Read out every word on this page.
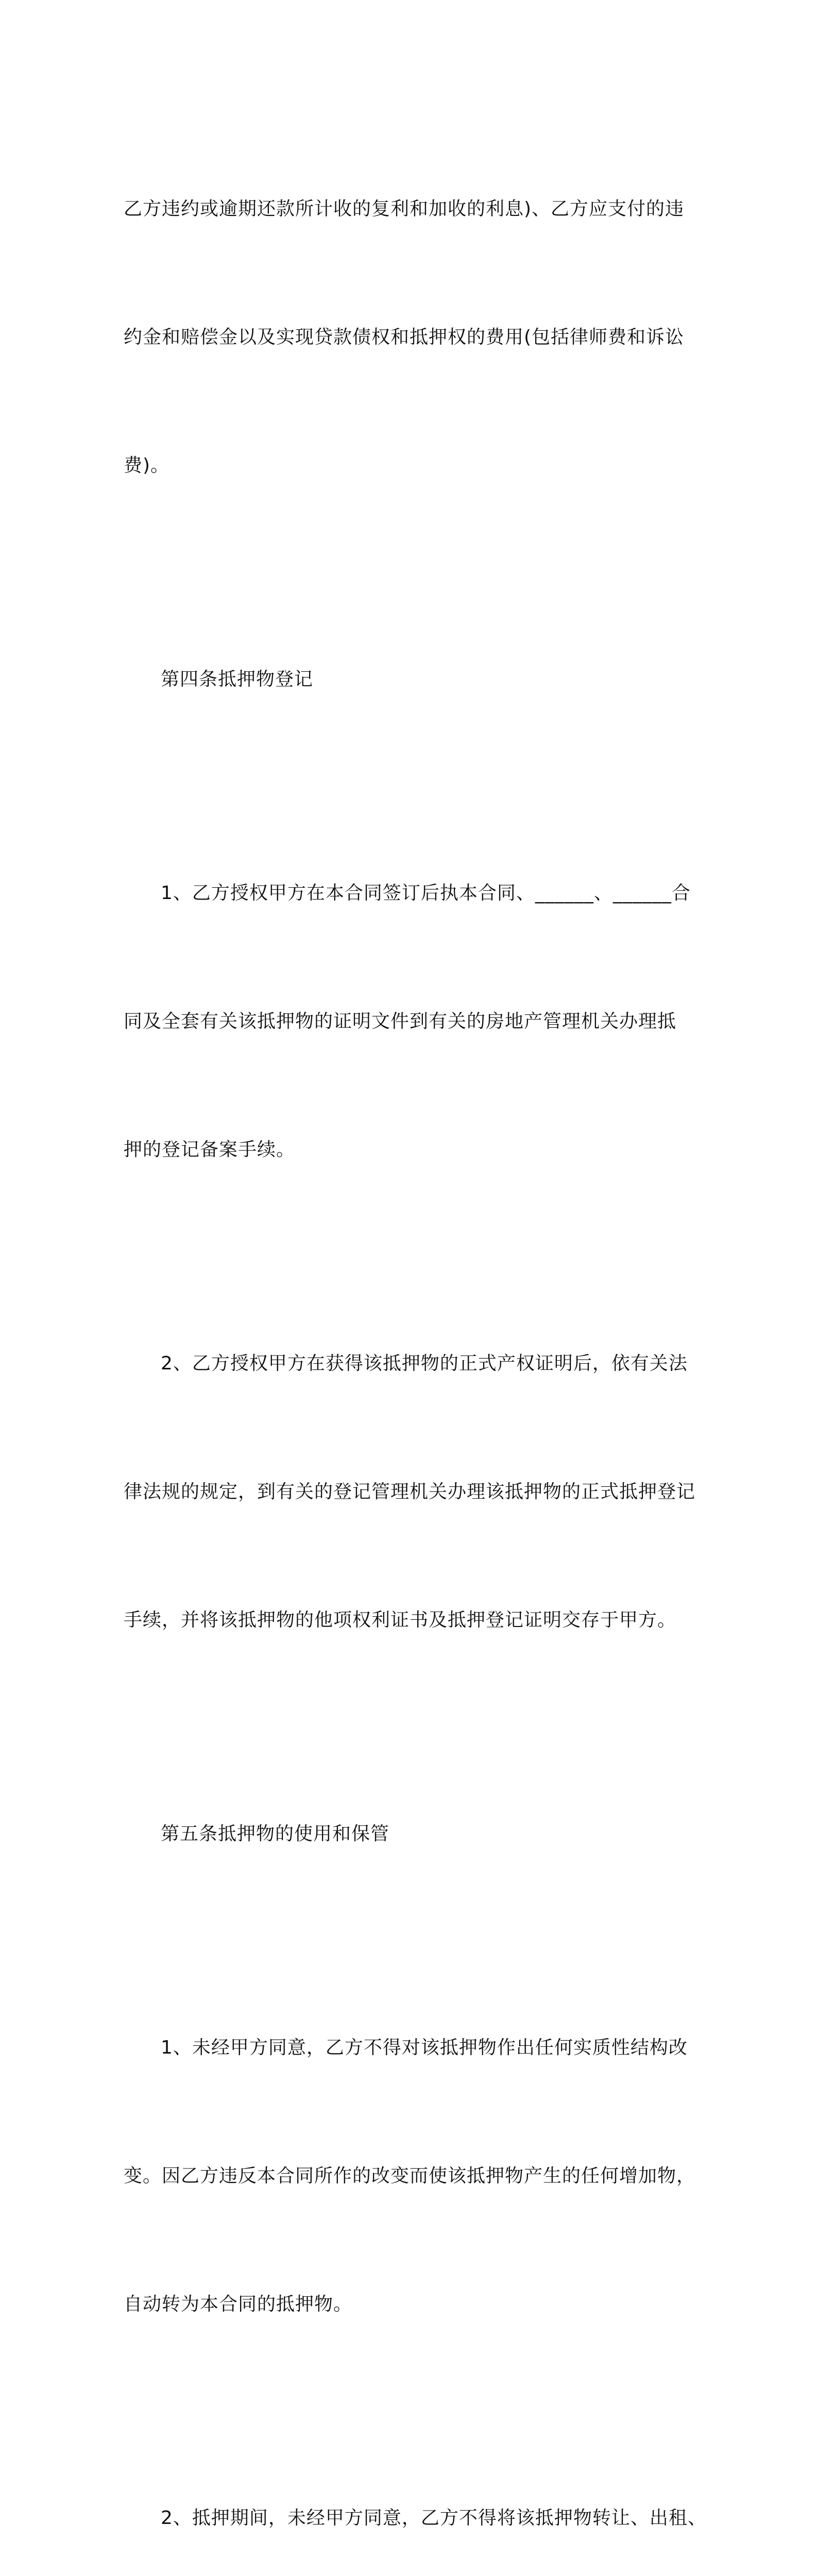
乙方违约或逾期还款所计收的复利和加收的利息)、乙方应支付的违

约金和赔偿金以及实现贷款债权和抵押权的费用(包括律师费和诉讼

费)。

第四条抵押物登记

1、乙方授权甲方在本合同签订后执本合同、______、______合

同及全套有关该抵押物的证明文件到有关的房地产管理机关办理抵

押的登记备案手续。

2、乙方授权甲方在获得该抵押物的正式产权证明后，依有关法

律法规的规定，到有关的登记管理机关办理该抵押物的正式抵押登记

手续，并将该抵押物的他项权利证书及抵押登记证明交存于甲方。

第五条抵押物的使用和保管

1、未经甲方同意，乙方不得对该抵押物作出任何实质性结构改

变。因乙方违反本合同所作的改变而使该抵押物产生的任何增加物，

自动转为本合同的抵押物。

2、抵押期间，未经甲方同意，乙方不得将该抵押物转让、出租、
